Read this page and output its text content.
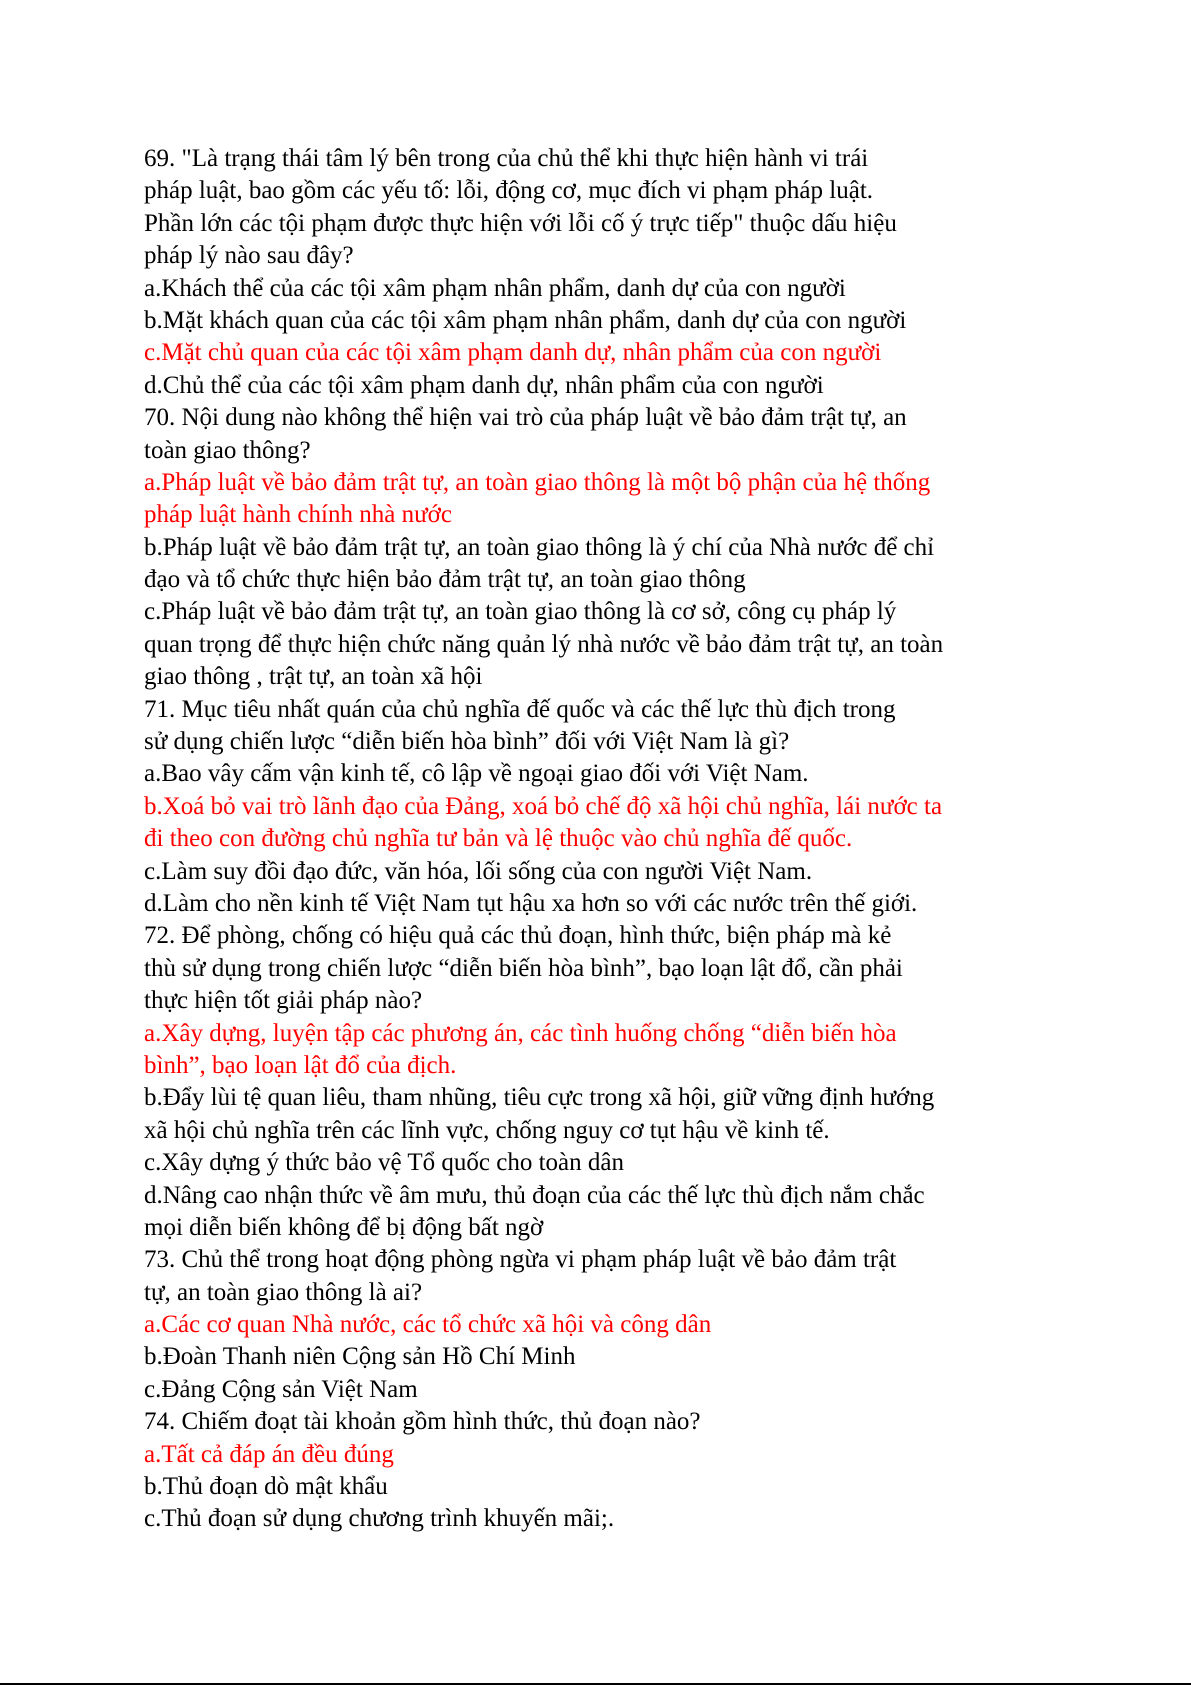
69. "Là trạng thái tâm lý bên trong của chủ thể khi thực hiện hành vi trái
pháp luật, bao gồm các yếu tố: lỗi, động cơ, mục đích vi phạm pháp luật.
Phần lớn các tội phạm được thực hiện với lỗi cố ý trực tiếp" thuộc dấu hiệu
pháp lý nào sau đây?
a.Khách thể của các tội xâm phạm nhân phẩm, danh dự của con người
b.Mặt khách quan của các tội xâm phạm nhân phẩm, danh dự của con người
c.Mặt chủ quan của các tội xâm phạm danh dự, nhân phẩm của con người
d.Chủ thể của các tội xâm phạm danh dự, nhân phẩm của con người
70. Nội dung nào không thể hiện vai trò của pháp luật về bảo đảm trật tự, an
toàn giao thông?
a.Pháp luật về bảo đảm trật tự, an toàn giao thông là một bộ phận của hệ thống
pháp luật hành chính nhà nước
b.Pháp luật về bảo đảm trật tự, an toàn giao thông là ý chí của Nhà nước để chỉ
đạo và tổ chức thực hiện bảo đảm trật tự, an toàn giao thông
c.Pháp luật về bảo đảm trật tự, an toàn giao thông là cơ sở, công cụ pháp lý
quan trọng để thực hiện chức năng quản lý nhà nước về bảo đảm trật tự, an toàn
giao thông , trật tự, an toàn xã hội
71. Mục tiêu nhất quán của chủ nghĩa đế quốc và các thế lực thù địch trong
sử dụng chiến lược “diễn biến hòa bình” đối với Việt Nam là gì?
a.Bao vây cấm vận kinh tế, cô lập về ngoại giao đối với Việt Nam.
b.Xoá bỏ vai trò lãnh đạo của Đảng, xoá bỏ chế độ xã hội chủ nghĩa, lái nước ta
đi theo con đường chủ nghĩa tư bản và lệ thuộc vào chủ nghĩa đế quốc.
c.Làm suy đồi đạo đức, văn hóa, lối sống của con người Việt Nam.
d.Làm cho nền kinh tế Việt Nam tụt hậu xa hơn so với các nước trên thế giới.
72. Để phòng, chống có hiệu quả các thủ đoạn, hình thức, biện pháp mà kẻ
thù sử dụng trong chiến lược “diễn biến hòa bình”, bạo loạn lật đổ, cần phải
thực hiện tốt giải pháp nào?
a.Xây dựng, luyện tập các phương án, các tình huống chống “diễn biến hòa
bình”, bạo loạn lật đổ của địch.
b.Đẩy lùi tệ quan liêu, tham nhũng, tiêu cực trong xã hội, giữ vững định hướng
xã hội chủ nghĩa trên các lĩnh vực, chống nguy cơ tụt hậu về kinh tế.
c.Xây dựng ý thức bảo vệ Tổ quốc cho toàn dân
d.Nâng cao nhận thức về âm mưu, thủ đoạn của các thế lực thù địch nắm chắc
mọi diễn biến không để bị động bất ngờ
73. Chủ thể trong hoạt động phòng ngừa vi phạm pháp luật về bảo đảm trật
tự, an toàn giao thông là ai?
a.Các cơ quan Nhà nước, các tổ chức xã hội và công dân
b.Đoàn Thanh niên Cộng sản Hồ Chí Minh
c.Đảng Cộng sản Việt Nam
74. Chiếm đoạt tài khoản gồm hình thức, thủ đoạn nào?
a.Tất cả đáp án đều đúng
b.Thủ đoạn dò mật khẩu
c.Thủ đoạn sử dụng chương trình khuyến mãi;.
